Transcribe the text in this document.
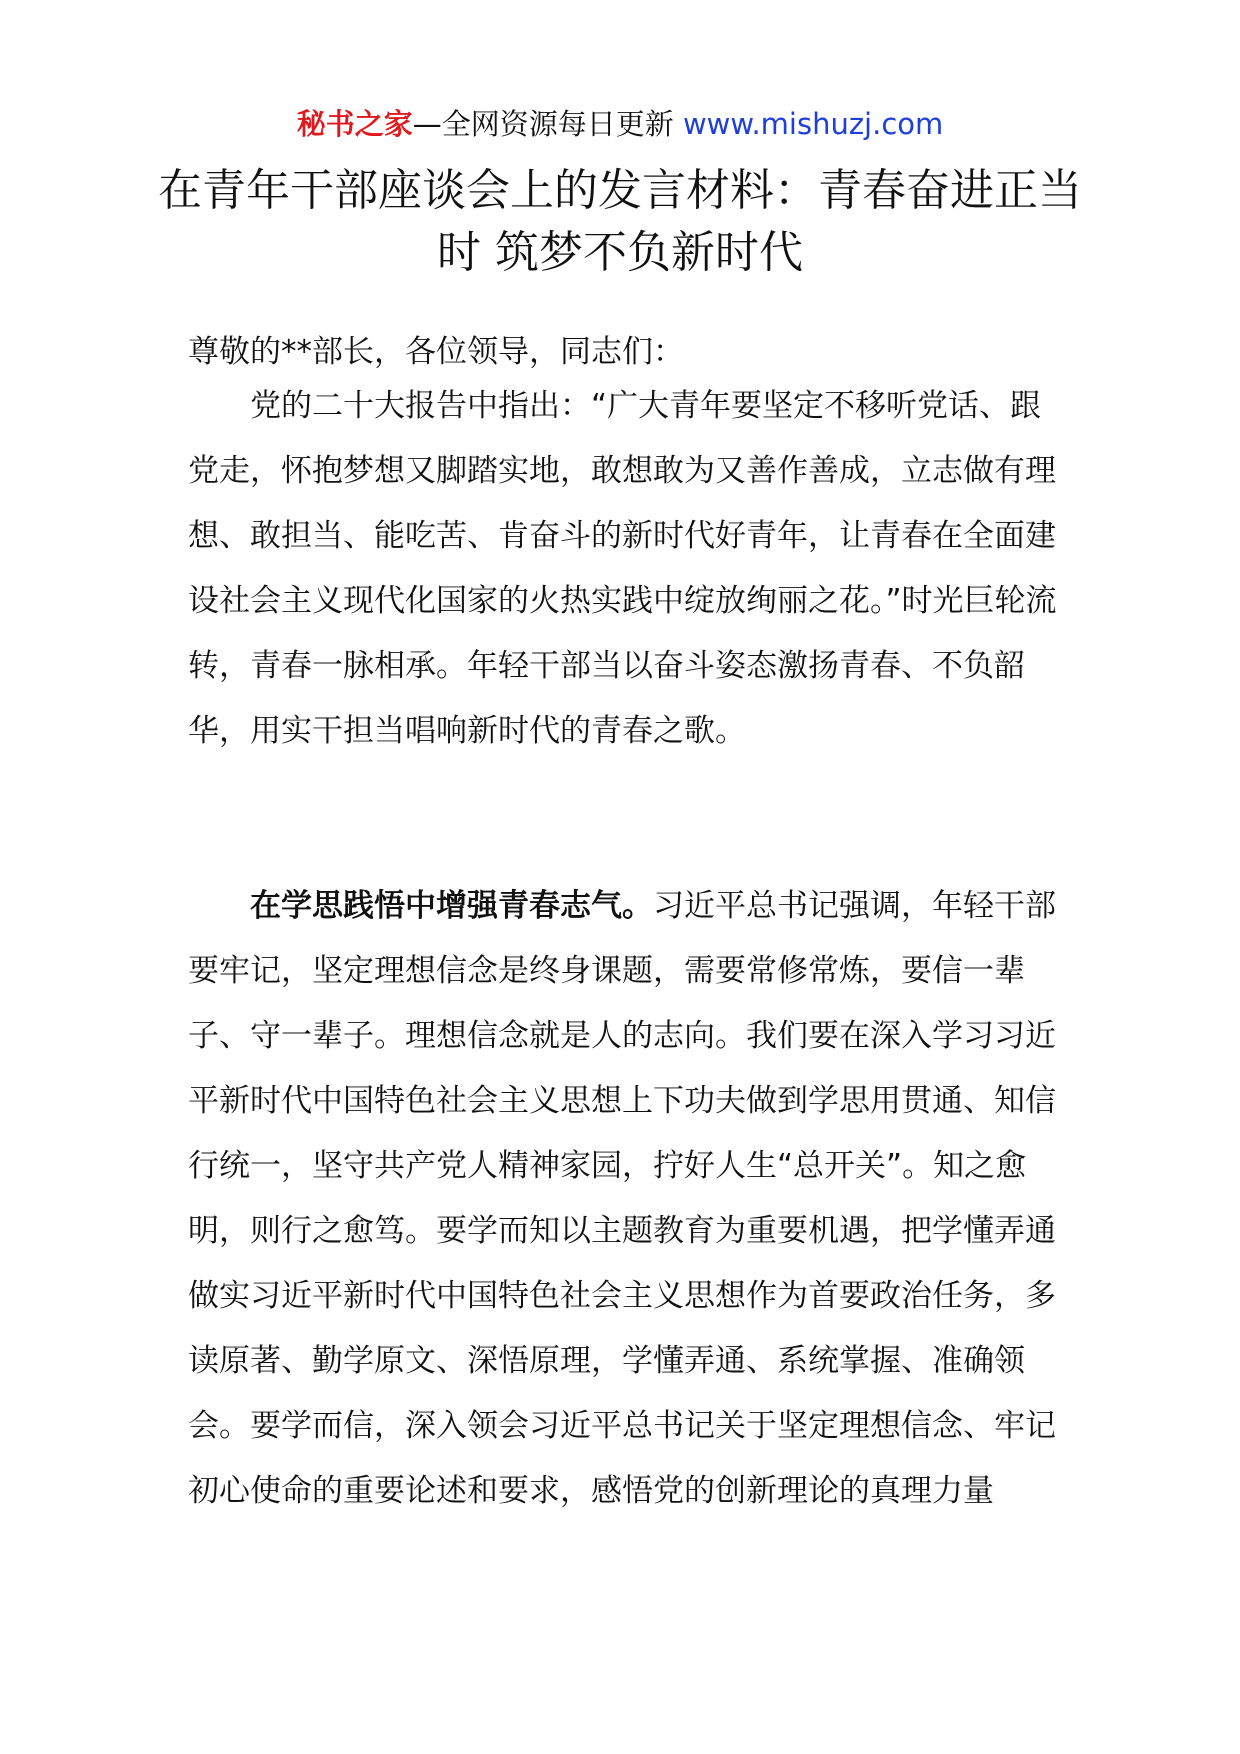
秘书之家—全网资源每日更新 www.mishuzj.com
在青年干部座谈会上的发言材料：青春奋进正当时 筑梦不负新时代

尊敬的**部长，各位领导，同志们：

党的二十大报告中指出：“广大青年要坚定不移听党话、跟党走，怀抱梦想又脚踏实地，敢想敢为又善作善成，立志做有理想、敢担当、能吃苦、肯奋斗的新时代好青年，让青春在全面建设社会主义现代化国家的火热实践中绽放绚丽之花。”时光巨轮流转，青春一脉相承。年轻干部当以奋斗姿态激扬青春、不负韶华，用实干担当唱响新时代的青春之歌。

在学思践悟中增强青春志气。习近平总书记强调，年轻干部要牢记，坚定理想信念是终身课题，需要常修常炼，要信一辈子、守一辈子。理想信念就是人的志向。我们要在深入学习习近平新时代中国特色社会主义思想上下功夫做到学思用贯通、知信行统一，坚守共产党人精神家园，拧好人生“总开关”。知之愈明，则行之愈笃。要学而知以主题教育为重要机遇，把学懂弄通做实习近平新时代中国特色社会主义思想作为首要政治任务，多读原著、勤学原文、深悟原理，学懂弄通、系统掌握、准确领会。要学而信，深入领会习近平总书记关于坚定理想信念、牢记初心使命的重要论述和要求，感悟党的创新理论的真理力量
